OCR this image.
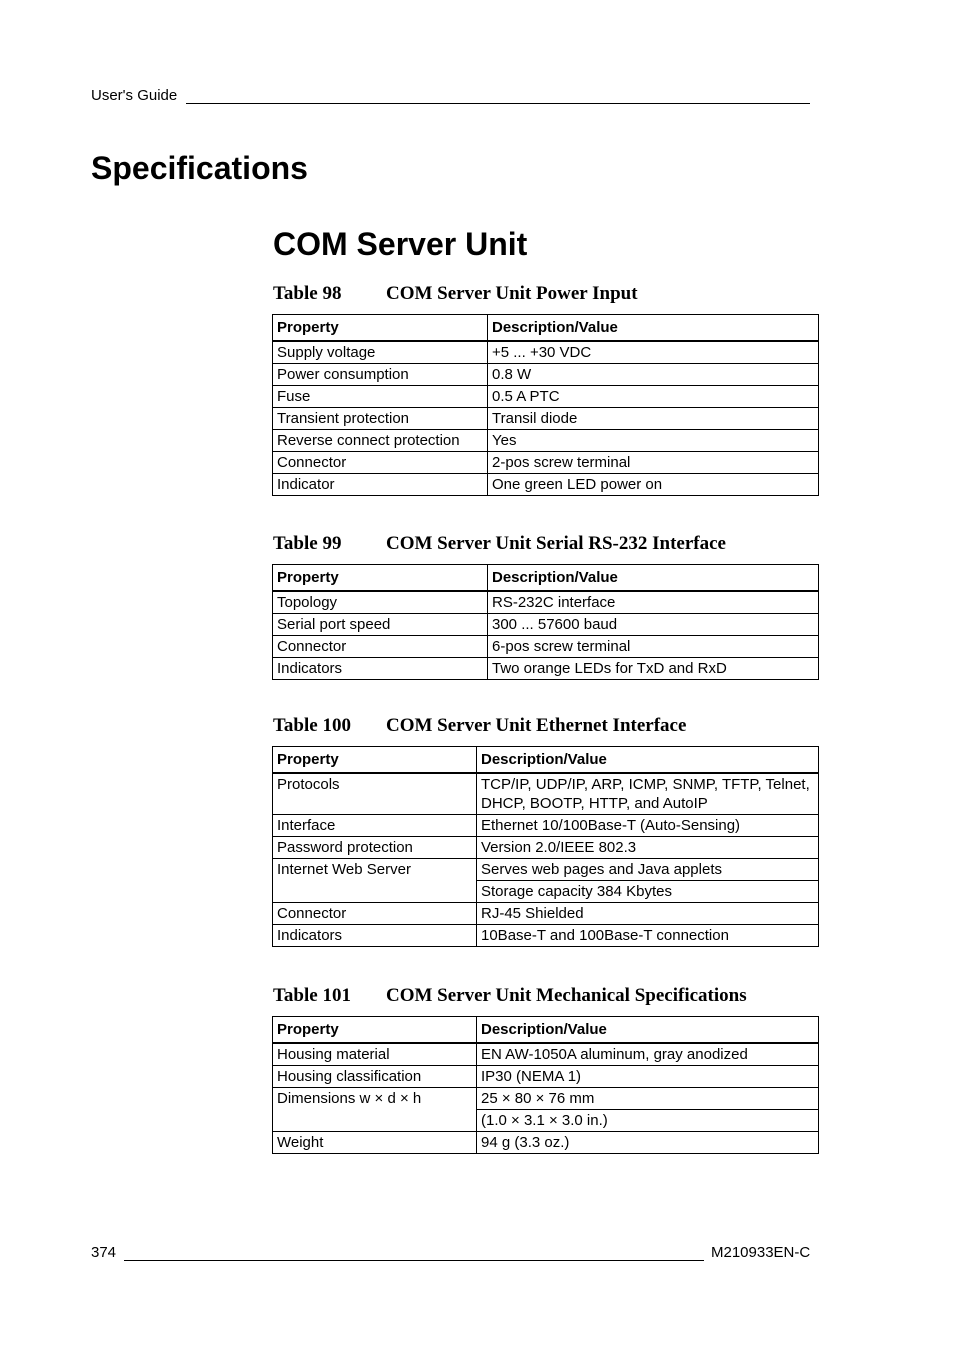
User's Guide
Specifications
COM Server Unit
Table 98 COM Server Unit Power Input
Property	Description/Value
Supply voltage	+5 ... +30 VDC
Power consumption	0.8 W
Fuse	0.5 A PTC
Transient protection	Transil diode
Reverse connect protection	Yes
Connector	2-pos screw terminal
Indicator	One green LED power on
Table 99 COM Server Unit Serial RS-232 Interface
Property	Description/Value
Topology	RS-232C interface
Serial port speed	300 ... 57600 baud
Connector	6-pos screw terminal
Indicators	Two orange LEDs for TxD and RxD
Table 100 COM Server Unit Ethernet Interface
Property	Description/Value
Protocols	TCP/IP, UDP/IP, ARP, ICMP, SNMP, TFTP, Telnet, DHCP, BOOTP, HTTP, and AutoIP
Interface	Ethernet 10/100Base-T (Auto-Sensing)
Password protection	Version 2.0/IEEE 802.3
Internet Web Server	Serves web pages and Java applets
	Storage capacity 384 Kbytes
Connector	RJ-45 Shielded
Indicators	10Base-T and 100Base-T connection
Table 101 COM Server Unit Mechanical Specifications
Property	Description/Value
Housing material	EN AW-1050A aluminum, gray anodized
Housing classification	IP30 (NEMA 1)
Dimensions w × d × h	25 × 80 × 76 mm
	(1.0 × 3.1 × 3.0 in.)
Weight	94 g (3.3 oz.)
374	M210933EN-C
